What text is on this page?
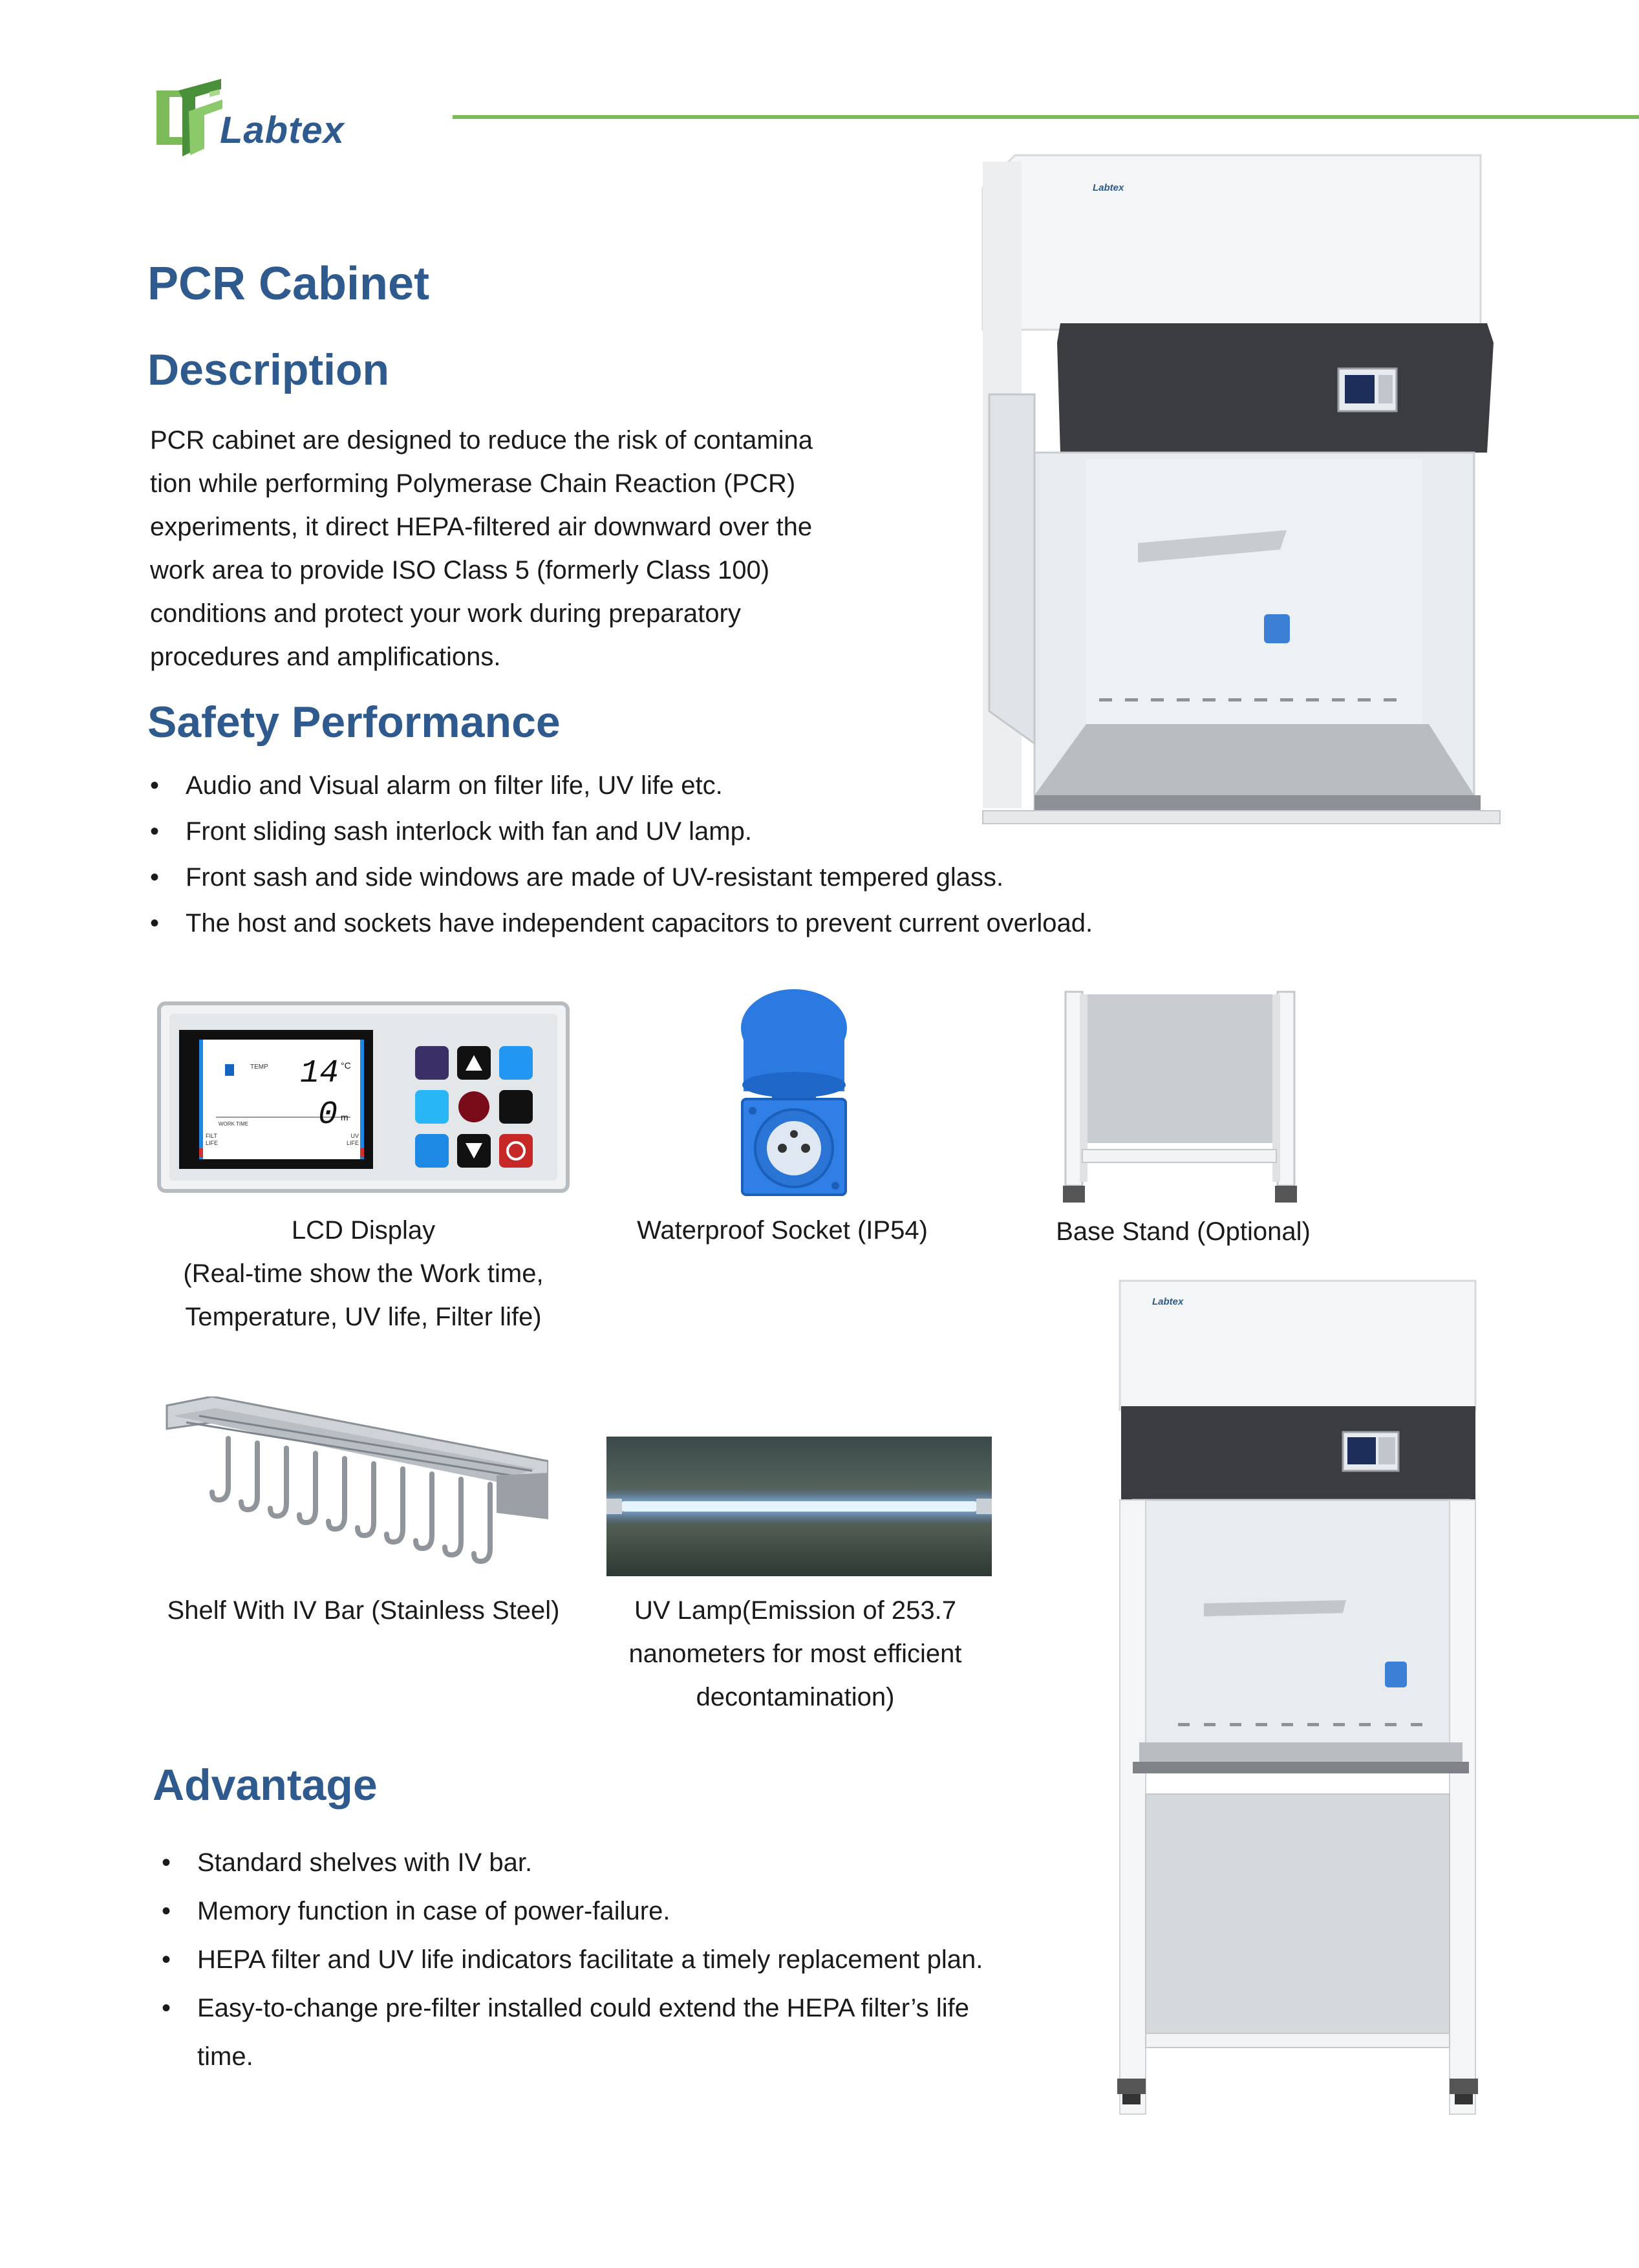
Labtex
PCR Cabinet
Description
PCR cabinet are designed to reduce the risk of contamina
tion while performing Polymerase Chain Reaction (PCR)
experiments, it direct HEPA-filtered air downward over the
work area to provide ISO Class 5 (formerly Class 100)
conditions and protect your work during preparatory
procedures and amplifications.
Safety Performance
• Audio and Visual alarm on filter life, UV life etc.
• Front sliding sash interlock with fan and UV lamp.
• Front sash and side windows are made of UV-resistant tempered glass.
• The host and sockets have independent capacitors to prevent current overload.
Labtex
TEMP 14 °C
0 m
WORK TIME
FILT LIFE
UV LIFE
LCD Display
(Real-time show the Work time,
Temperature, UV life, Filter life)
Waterproof Socket (IP54)	Base Stand (Optional)
Shelf With IV Bar (Stainless Steel)	UV Lamp(Emission of 253.7
nanometers for most efficient
decontamination)
Labtex
Advantage
• Standard shelves with IV bar.
• Memory function in case of power-failure.
• HEPA filter and UV life indicators facilitate a timely replacement plan.
• Easy-to-change pre-filter installed could extend the HEPA filter’s life
time.
